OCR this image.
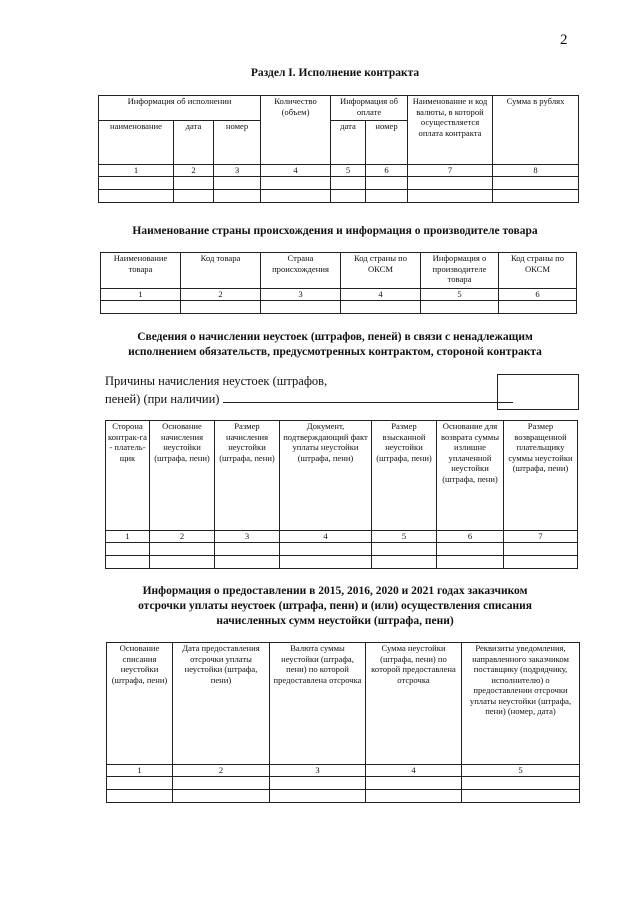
2
Раздел I. Исполнение контракта
Информация об исполнении			Количество (объем)	Информация об оплате		Наименование и код валюты, в которой осуществляется оплата контракта	Сумма в рублях
наименование	дата	номер		дата	номер		
1	2	3	4	5	6	7	8

Наименование страны происхождения и информация о производителе товара
Наименование товара	Код товара	Страна происхождения	Код страны по ОКСМ	Информация о производителе товара	Код страны по ОКСМ
1	2	3	4	5	6

Сведения о начислении неустоек (штрафов, пеней) в связи с ненадлежащим
исполнением обязательств, предусмотренных контрактом, стороной контракта
Причины начисления неустоек (штрафов,
пеней) (при наличии)
Сторона контрак-га - платель-щик	Основание начисления неустойки (штрафа, пени)	Размер начисления неустойки (штрафа, пени)	Документ, подтверждающий факт уплаты неустойки (штрафа, пени)	Размер взысканной неустойки (штрафа, пени)	Основание для возврата суммы излишне уплаченной неустойки (штрафа, пени)	Размер возвращенной плательщику суммы неустойки (штрафа, пени)
1	2	3	4	5	6	7

Информация о предоставлении в 2015, 2016, 2020 и 2021 годах заказчиком
отсрочки уплаты неустоек (штрафа, пени) и (или) осуществления списания
начисленных сумм неустойки (штрафа, пени)
Основание списания неустойки (штрафа, пени)	Дата предоставления отсрочки уплаты неустойки (штрафа, пени)	Валюта суммы неустойки (штрафа, пени) по которой предоставлена отсрочка	Сумма неустойки (штрафа, пени) по которой предоставлена отсрочка	Реквизиты уведомления, направленного заказчиком поставщику (подрядчику, исполнителю) о предоставлении отсрочки уплаты неустойки (штрафа, пени) (номер, дата)
1	2	3	4	5
